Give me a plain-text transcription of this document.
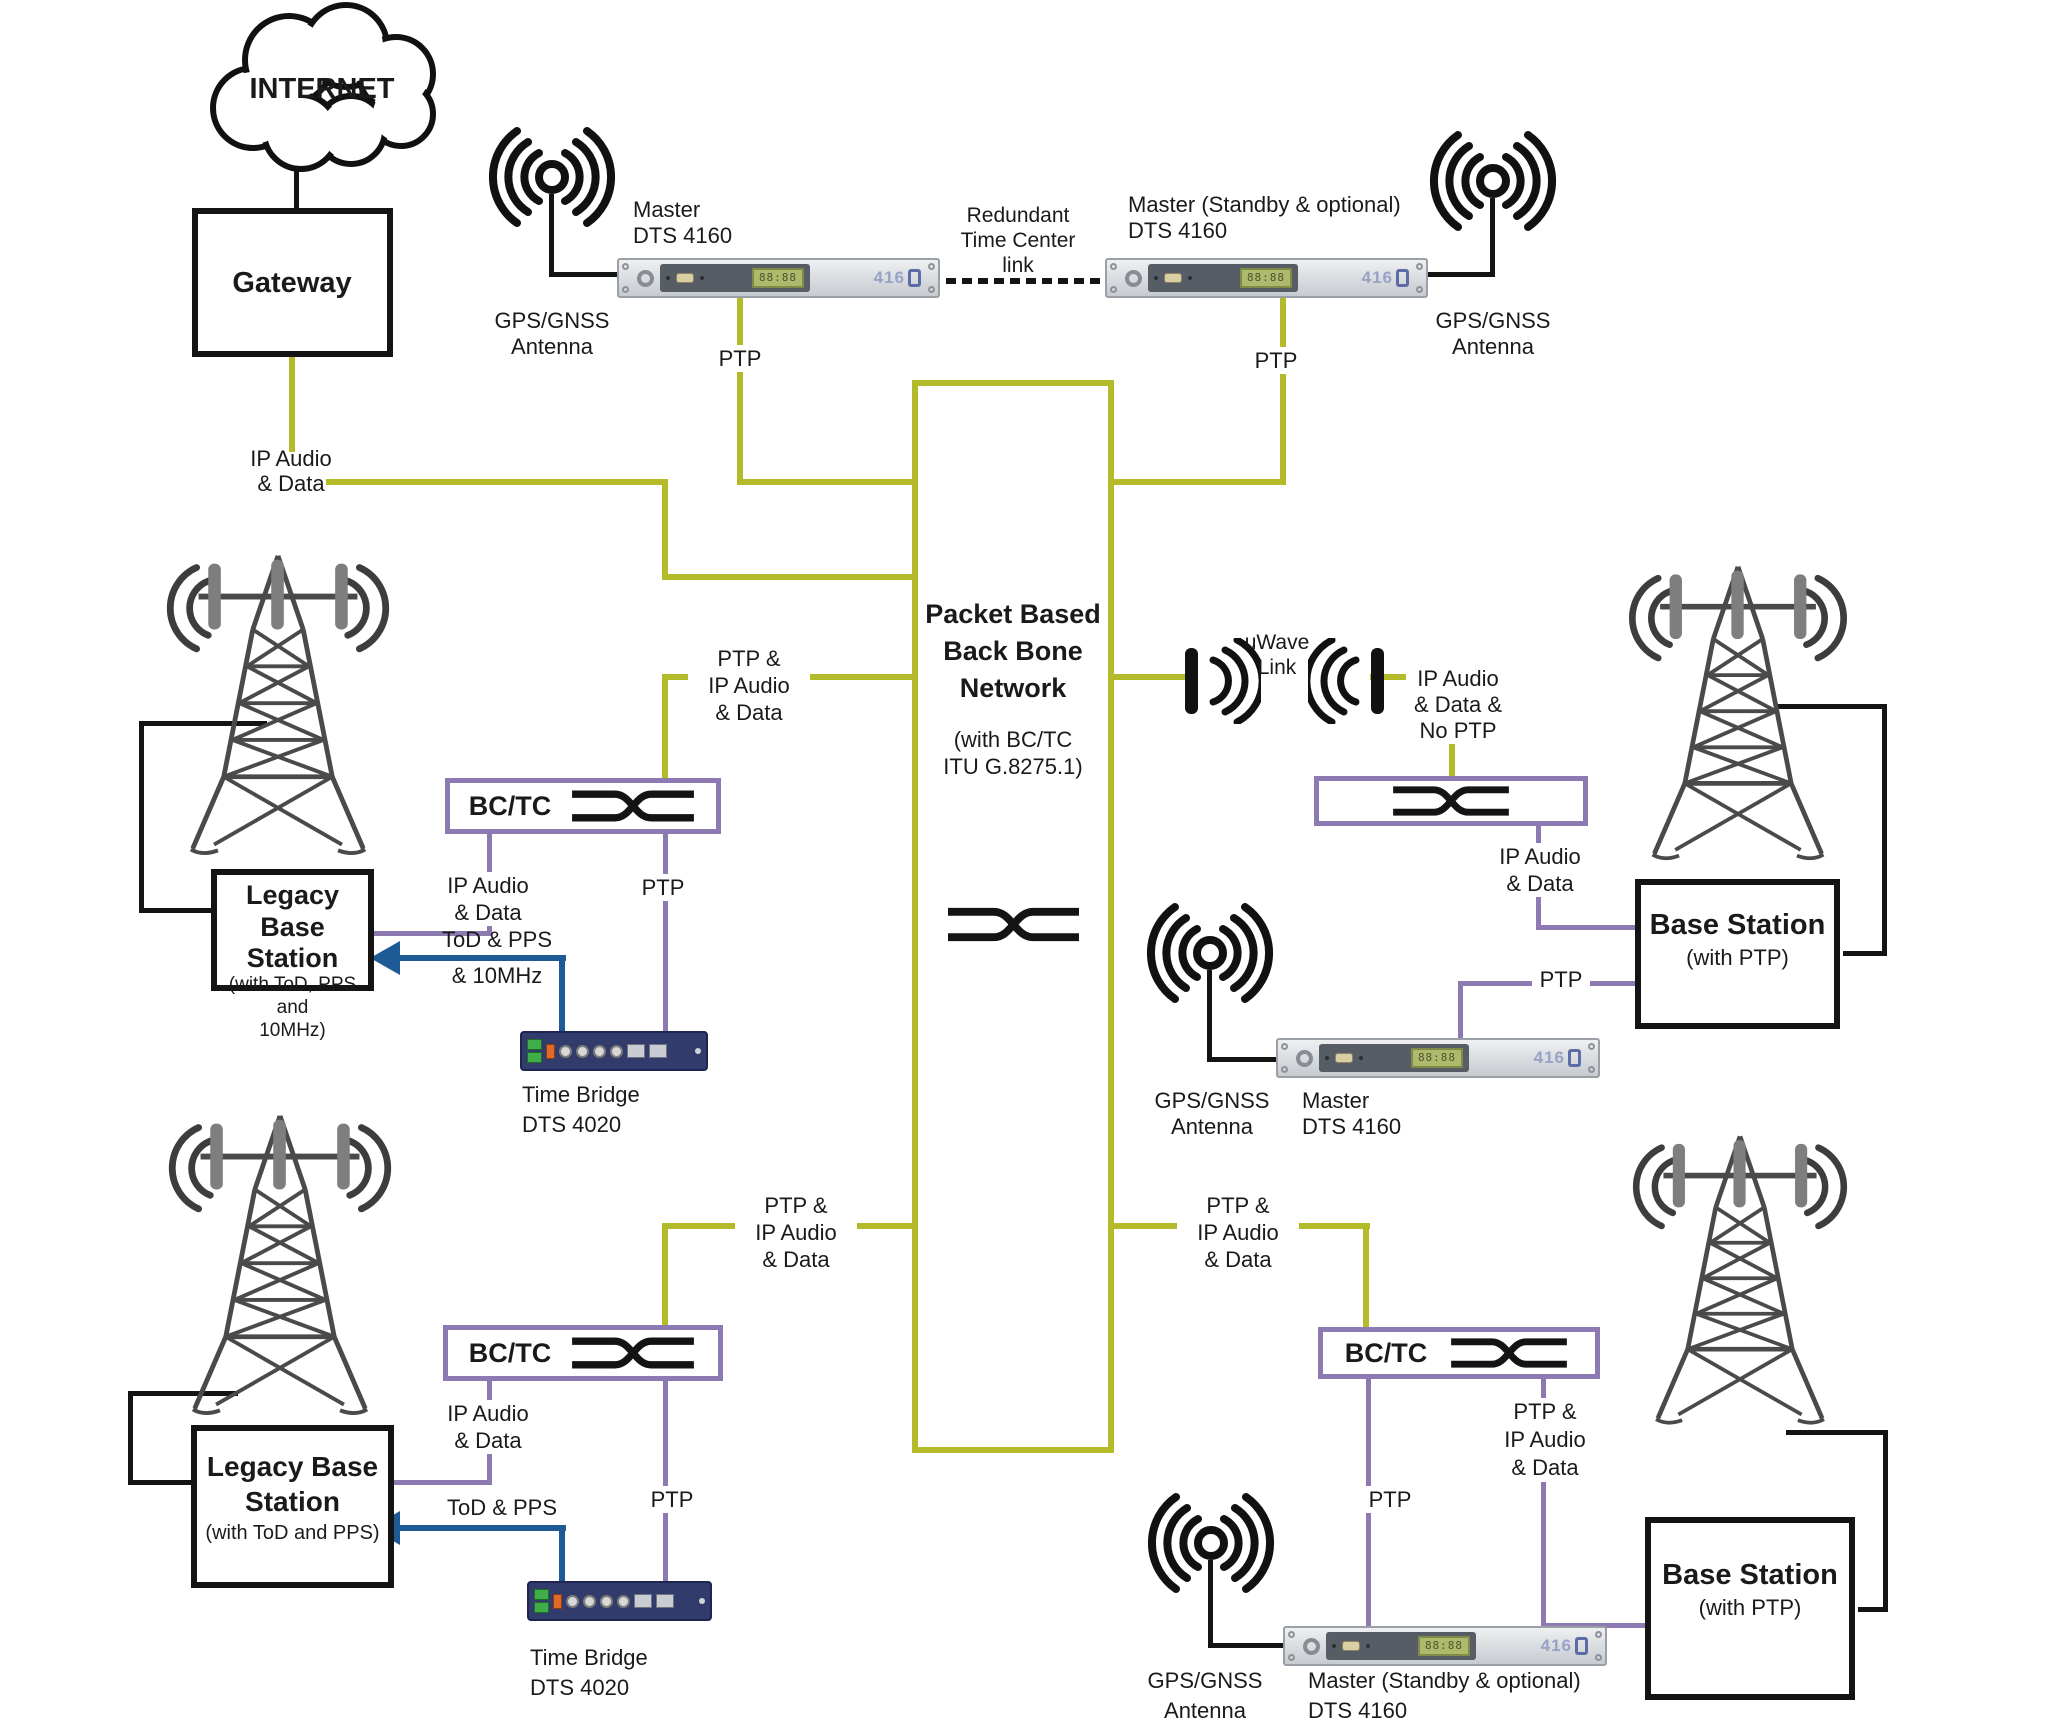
Gateway
Packet Based
Back Bone
Network
(with BC/TC
ITU G.8275.1)
BC/TC
BC/TC	BC/TC
Legacy Base
Station
(with ToD, PPS and
10MHz)
Legacy Base
Station
(with ToD and PPS)
Base Station
(with PTP)
Base Station
(with PTP)
88:88	416	88:88	416
88:88	416
88:88	416
INTERNET
Master
DTS 4160
GPS/GNSS
Antenna
Redundant
Time Center
link
Master (Standby & optional)
DTS 4160
GPS/GNSS
Antenna
PTP	PTP
IP Audio
& Data
PTP &
IP Audio
& Data
uWave
Link	IP Audio
& Data &
No PTP
IP Audio
& Data
PTP
GPS/GNSS
Antenna
Master
DTS 4160
IP Audio
& Data
ToD & PPS
& 10MHz
PTP
Time Bridge
DTS 4020
PTP &
IP Audio
& Data
PTP &
IP Audio
& Data
IP Audio
& Data
ToD & PPS	PTP
Time Bridge
DTS 4020
PTP
PTP &
IP Audio
& Data
GPS/GNSS
Antenna
Master (Standby & optional)
DTS 4160
